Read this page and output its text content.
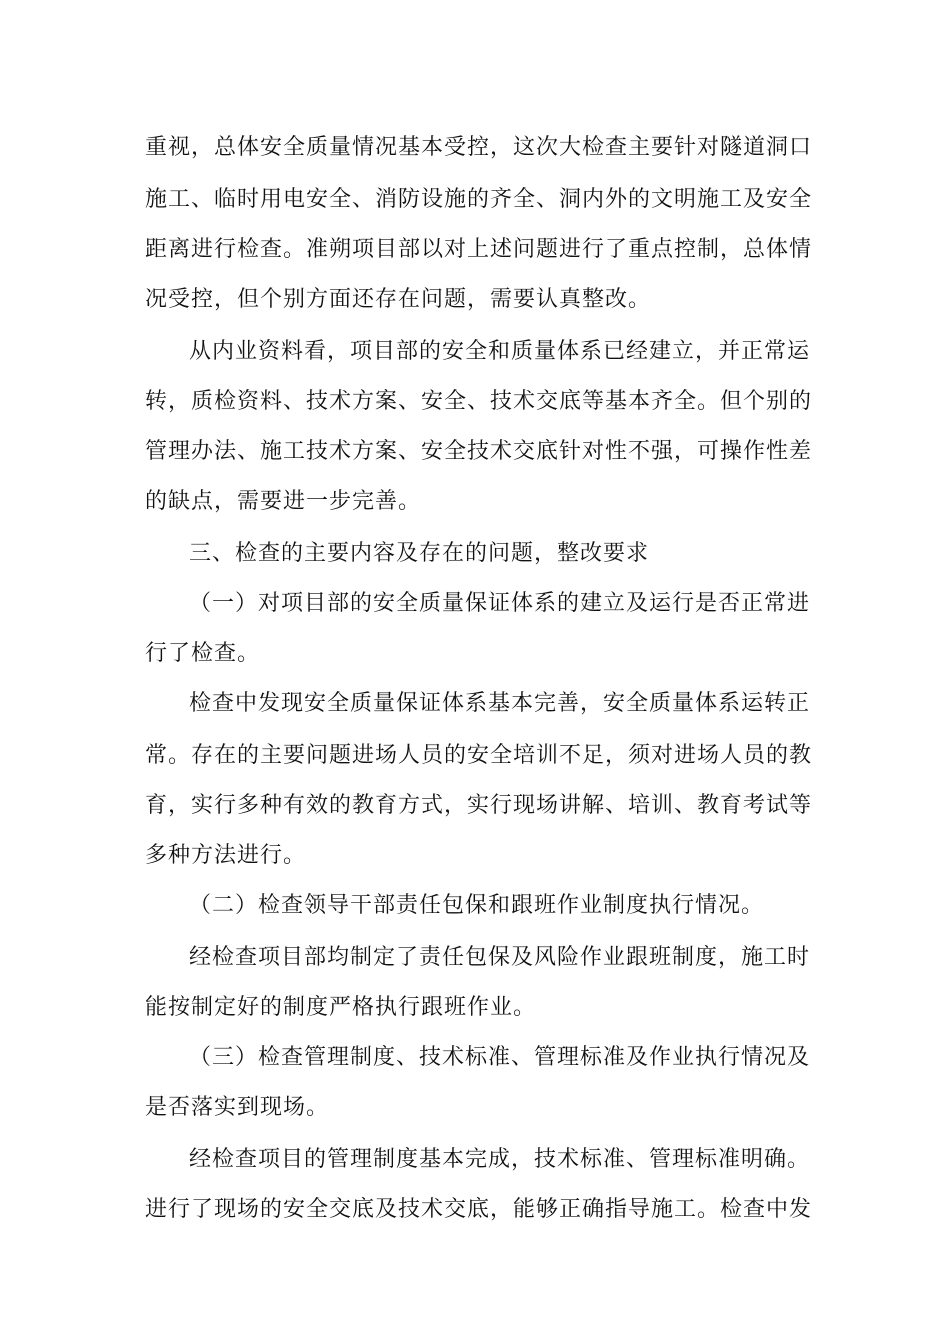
重视，总体安全质量情况基本受控，这次大检查主要针对隧道洞口
施工、临时用电安全、消防设施的齐全、洞内外的文明施工及安全
距离进行检查。准朔项目部以对上述问题进行了重点控制，总体情
况受控，但个别方面还存在问题，需要认真整改。
从内业资料看，项目部的安全和质量体系已经建立，并正常运
转，质检资料、技术方案、安全、技术交底等基本齐全。但个别的
管理办法、施工技术方案、安全技术交底针对性不强，可操作性差
的缺点，需要进一步完善。
三、检查的主要内容及存在的问题，整改要求
（一）对项目部的安全质量保证体系的建立及运行是否正常进
行了检查。
检查中发现安全质量保证体系基本完善，安全质量体系运转正
常。存在的主要问题进场人员的安全培训不足，须对进场人员的教
育，实行多种有效的教育方式，实行现场讲解、培训、教育考试等
多种方法进行。
（二）检查领导干部责任包保和跟班作业制度执行情况。
经检查项目部均制定了责任包保及风险作业跟班制度，施工时
能按制定好的制度严格执行跟班作业。
（三）检查管理制度、技术标准、管理标准及作业执行情况及
是否落实到现场。
经检查项目的管理制度基本完成，技术标准、管理标准明确。
进行了现场的安全交底及技术交底，能够正确指导施工。检查中发
